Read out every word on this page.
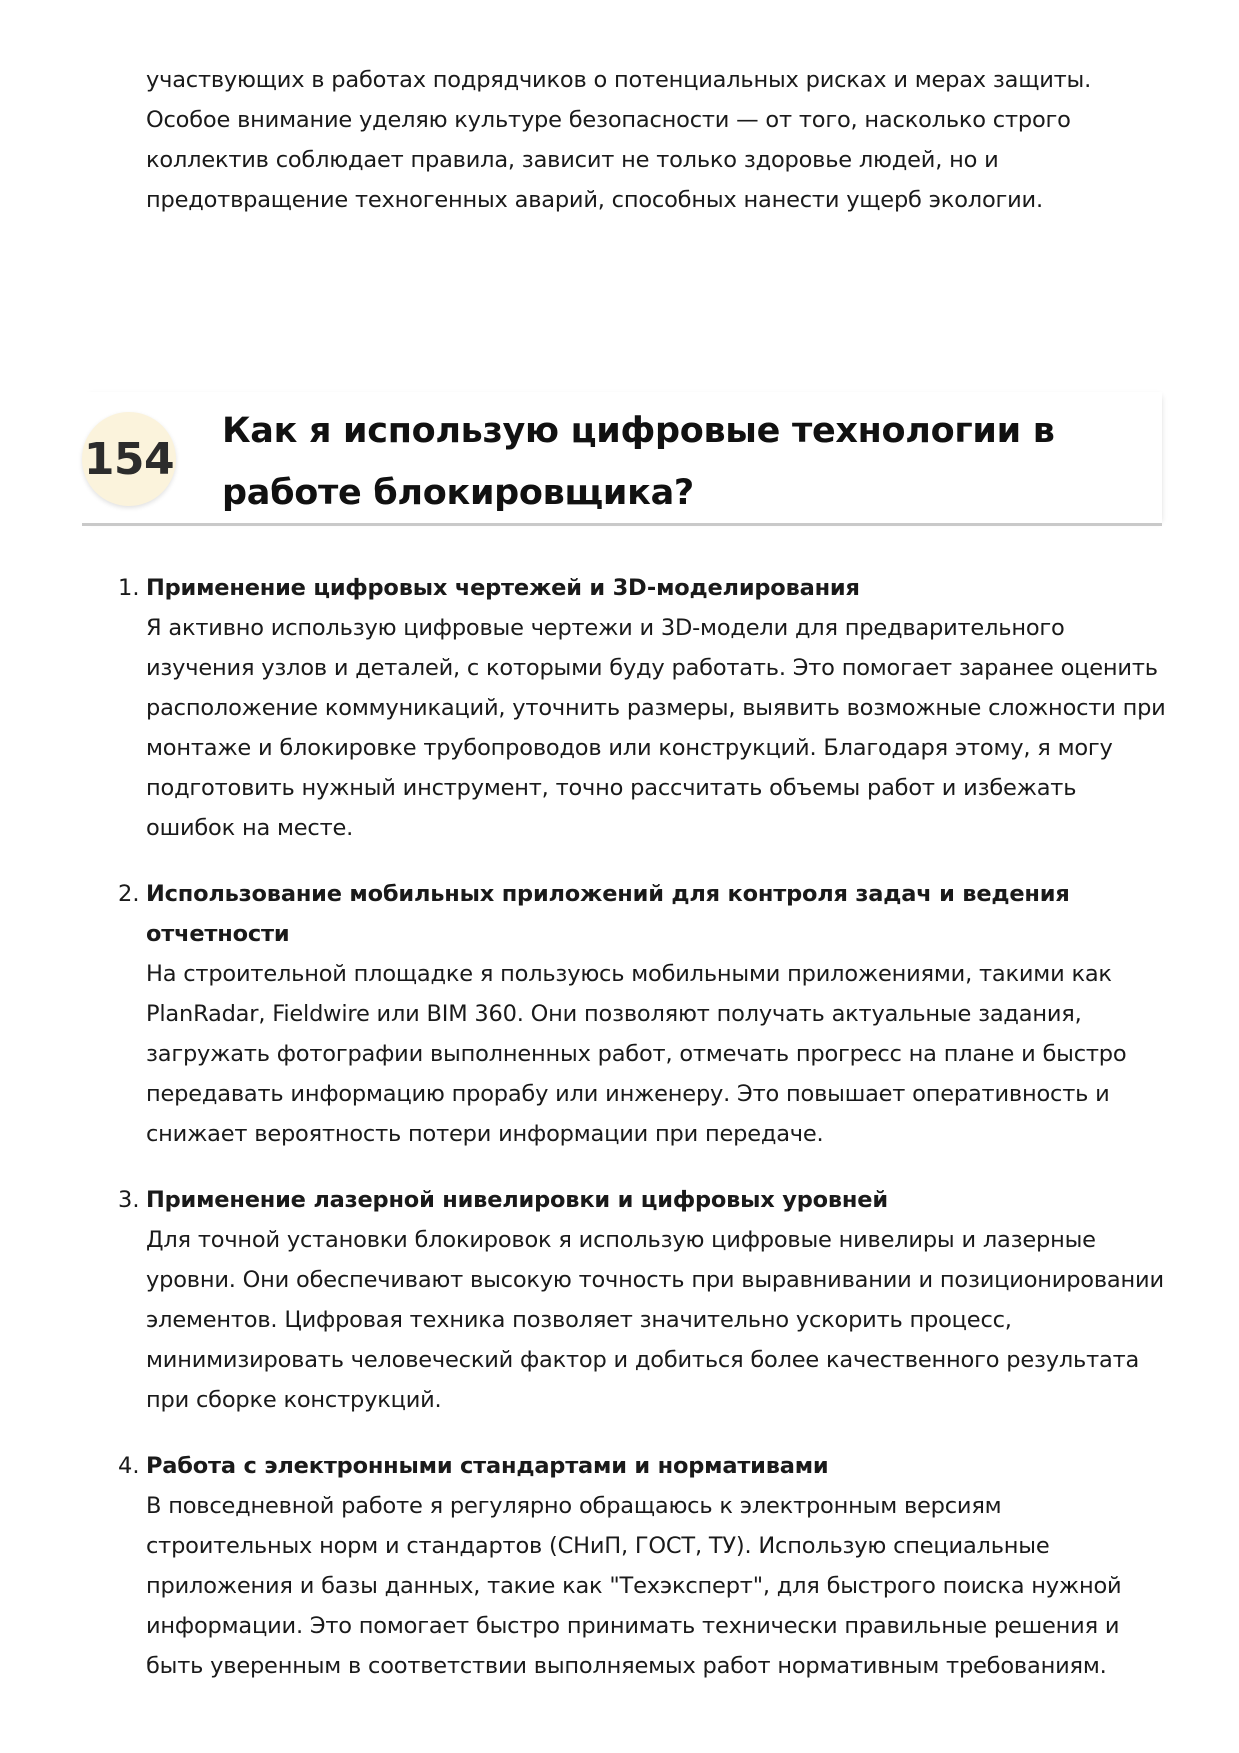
участвующих в работах подрядчиков о потенциальных рисках и мерах защиты. Особое внимание уделяю культуре безопасности — от того, насколько строго коллектив соблюдает правила, зависит не только здоровье людей, но и предотвращение техногенных аварий, способных нанести ущерб экологии.

154
Как я использую цифровые технологии в работе блокировщика?
1. Применение цифровых чертежей и 3D-моделирования

Я активно использую цифровые чертежи и 3D-модели для предварительного изучения узлов и деталей, с которыми буду работать. Это помогает заранее оценить расположение коммуникаций, уточнить размеры, выявить возможные сложности при монтаже и блокировке трубопроводов или конструкций. Благодаря этому, я могу подготовить нужный инструмент, точно рассчитать объемы работ и избежать ошибок на месте.

2. Использование мобильных приложений для контроля задач и ведения отчетности

На строительной площадке я пользуюсь мобильными приложениями, такими как PlanRadar, Fieldwire или BIM 360. Они позволяют получать актуальные задания, загружать фотографии выполненных работ, отмечать прогресс на плане и быстро передавать информацию прорабу или инженеру. Это повышает оперативность и снижает вероятность потери информации при передаче.

3. Применение лазерной нивелировки и цифровых уровней

Для точной установки блокировок я использую цифровые нивелиры и лазерные уровни. Они обеспечивают высокую точность при выравнивании и позиционировании элементов. Цифровая техника позволяет значительно ускорить процесс, минимизировать человеческий фактор и добиться более качественного результата при сборке конструкций.

4. Работа с электронными стандартами и нормативами

В повседневной работе я регулярно обращаюсь к электронным версиям строительных норм и стандартов (СНиП, ГОСТ, ТУ). Использую специальные приложения и базы данных, такие как "Техэксперт", для быстрого поиска нужной информации. Это помогает быстро принимать технически правильные решения и быть уверенным в соответствии выполняемых работ нормативным требованиям.
